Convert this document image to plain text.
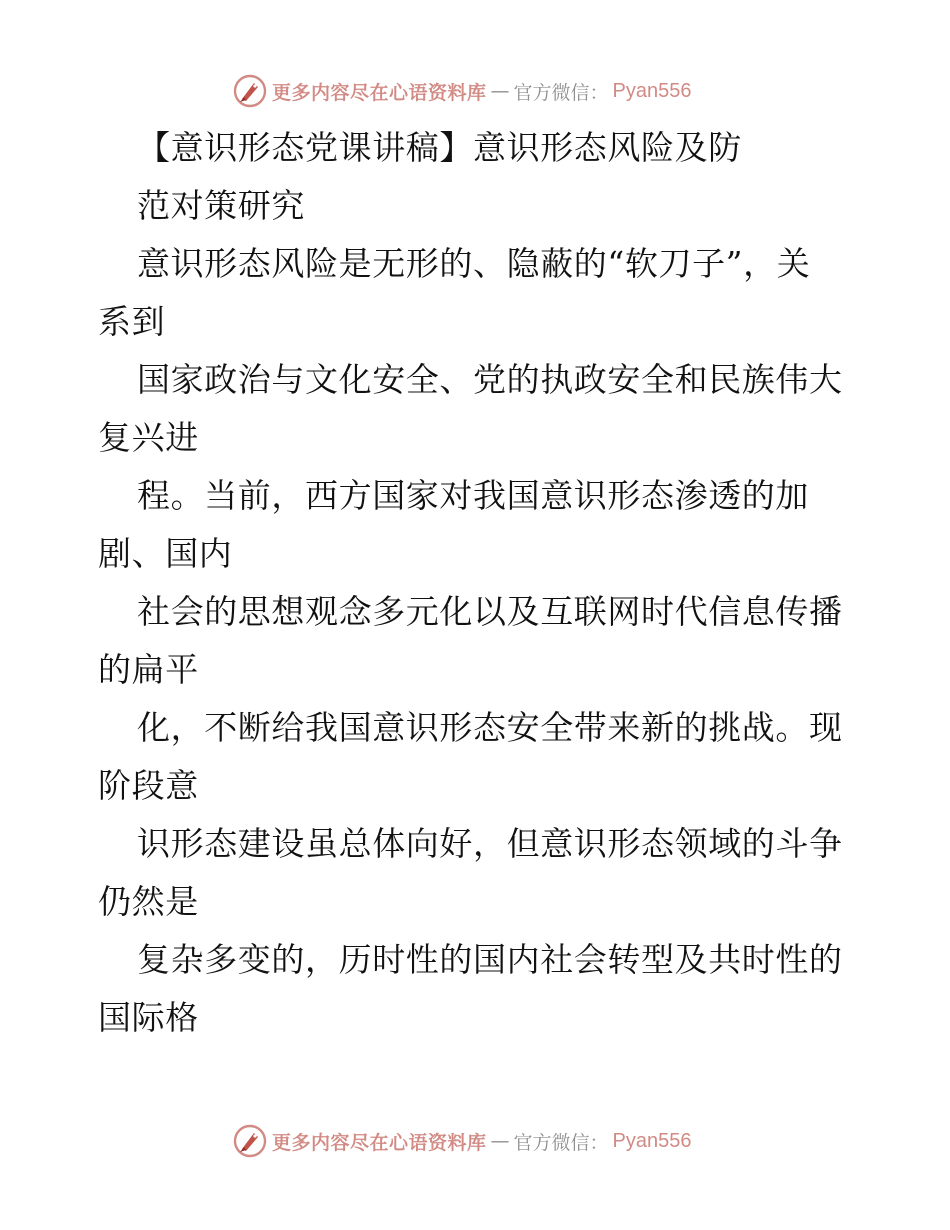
更多内容尽在心语资料库 — 官方微信： Pyan556
【意识形态党课讲稿】意识形态风险及防
范对策研究
意识形态风险是无形的、隐蔽的“软刀子”，关
系到
国家政治与文化安全、党的执政安全和民族伟大
复兴进
程。当前，西方国家对我国意识形态渗透的加
剧、国内
社会的思想观念多元化以及互联网时代信息传播
的扁平
化，不断给我国意识形态安全带来新的挑战。现
阶段意
识形态建设虽总体向好，但意识形态领域的斗争
仍然是
复杂多变的，历时性的国内社会转型及共时性的
国际格
更多内容尽在心语资料库 — 官方微信： Pyan556
